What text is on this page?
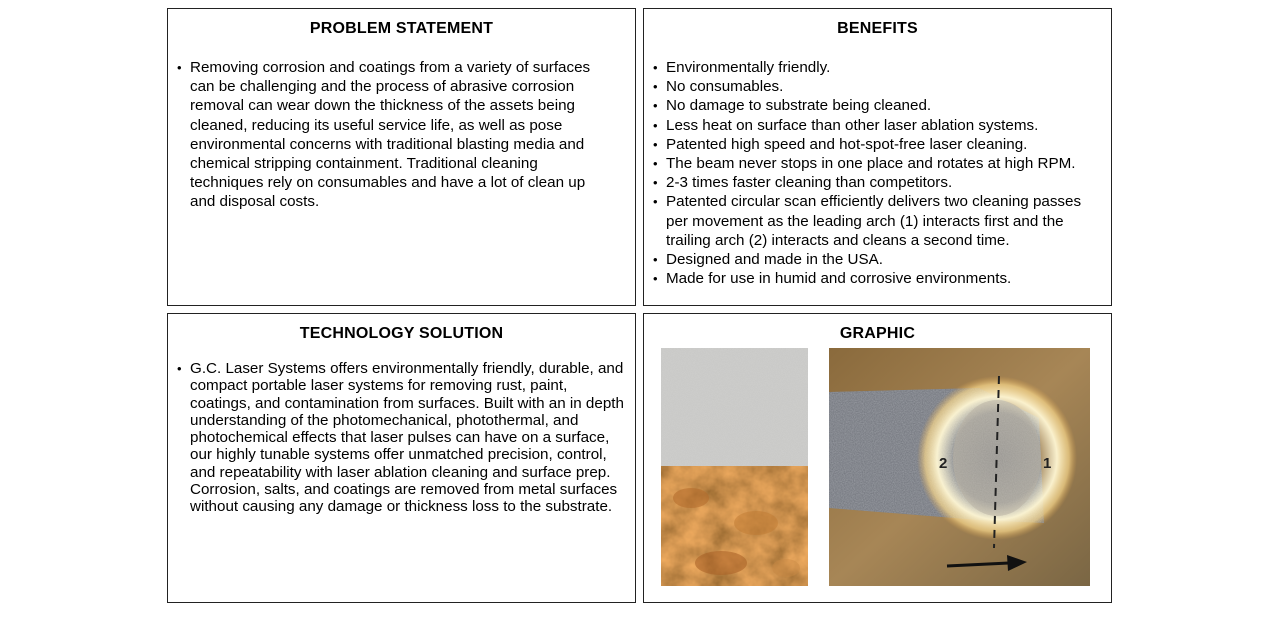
PROBLEM STATEMENT
• Removing corrosion and coatings from a variety of surfaces can be challenging and the process of abrasive corrosion removal can wear down the thickness of the assets being cleaned, reducing its useful service life, as well as pose environmental concerns with traditional blasting media and chemical stripping containment. Traditional cleaning techniques rely on consumables and have a lot of clean up and disposal costs.
BENEFITS
• Environmentally friendly.
• No consumables.
• No damage to substrate being cleaned.
• Less heat on surface than other laser ablation systems.
• Patented high speed and hot-spot-free laser cleaning.
• The beam never stops in one place and rotates at high RPM.
• 2-3 times faster cleaning than competitors.
• Patented circular scan efficiently delivers two cleaning passes per movement as the leading arch (1) interacts first and the trailing arch (2) interacts and cleans a second time.
• Designed and made in the USA.
• Made for use in humid and corrosive environments.
TECHNOLOGY SOLUTION
• G.C. Laser Systems offers environmentally friendly, durable, and compact portable laser systems for removing rust, paint, coatings, and contamination from surfaces. Built with an in depth understanding of the photomechanical, photothermal, and photochemical effects that laser pulses can have on a surface, our highly tunable systems offer unmatched precision, control, and repeatability with laser ablation cleaning and surface prep. Corrosion, salts, and coatings are removed from metal surfaces without causing any damage or thickness loss to the substrate.
GRAPHIC
2	1
